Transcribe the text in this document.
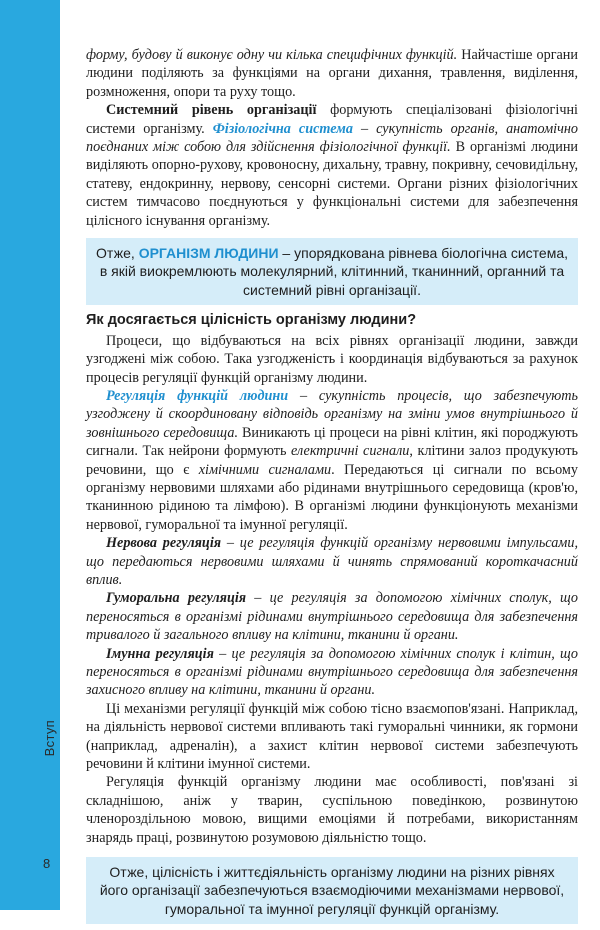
Вступ
8

форму, будову й виконує одну чи кілька специфічних функцій. Найчастіше органи людини поділяють за функціями на органи дихання, травлення, виділення, розмноження, опори та руху тощо.

Системний рівень організації формують спеціалізовані фізіологічні системи організму. Фізіологічна система – сукупність органів, анатомічно поєднаних між собою для здійснення фізіологічної функції. В організмі людини виділяють опорно-рухову, кровоносну, дихальну, травну, покривну, сечовидільну, статеву, ендокринну, нервову, сенсорні системи. Органи різних фізіологічних систем тимчасово поєднуються у функціональні системи для забезпечення цілісного існування організму.

Отже, ОРГАНІЗМ ЛЮДИНИ – упорядкована рівнева біологічна система, в якій виокремлюють молекулярний, клітинний, тканинний, органний та системний рівні організації.
Як досягається цілісність організму людини?

Процеси, що відбуваються на всіх рівнях організації людини, завжди узгоджені між собою. Така узгодженість і координація відбуваються за рахунок процесів регуляції функцій організму людини.

Регуляція функцій людини – сукупність процесів, що забезпечують узгоджену й скоординовану відповідь організму на зміни умов внутрішнього й зовнішнього середовища. Виникають ці процеси на рівні клітин, які породжують сигнали. Так нейрони формують електричні сигнали, клітини залоз продукують речовини, що є хімічними сигналами. Передаються ці сигнали по всьому організму нервовими шляхами або рідинами внутрішнього середовища (кров'ю, тканинною рідиною та лімфою). В організмі людини функціонують механізми нервової, гуморальної та імунної регуляції.

Нервова регуляція – це регуляція функцій організму нервовими імпульсами, що передаються нервовими шляхами й чинять спрямований короткачасний вплив.

Гуморальна регуляція – це регуляція за допомогою хімічних сполук, що переносяться в організмі рідинами внутрішнього середовища для забезпечення тривалого й загального впливу на клітини, тканини й органи.

Імунна регуляція – це регуляція за допомогою хімічних сполук і клітин, що переносяться в організмі рідинами внутрішнього середовища для забезпечення захисного впливу на клітини, тканини й органи.

Ці механізми регуляції функцій між собою тісно взаємопов'язані. Наприклад, на діяльність нервової системи впливають такі гуморальні чинники, як гормони (наприклад, адреналін), а захист клітин нервової системи забезпечують речовини й клітини імунної системи.

Регуляція функцій організму людини має особливості, пов'язані зі складнішою, аніж у тварин, суспільною поведінкою, розвинутою членороздільною мовою, вищими емоціями й потребами, використанням знарядь праці, розвинутою розумовою діяльністю тощо.

Отже, цілісність і життєдіяльність організму людини на різних рівнях його організації забезпечуються взаємодіючими механізмами нервової, гуморальної та імунної регуляції функцій організму.
